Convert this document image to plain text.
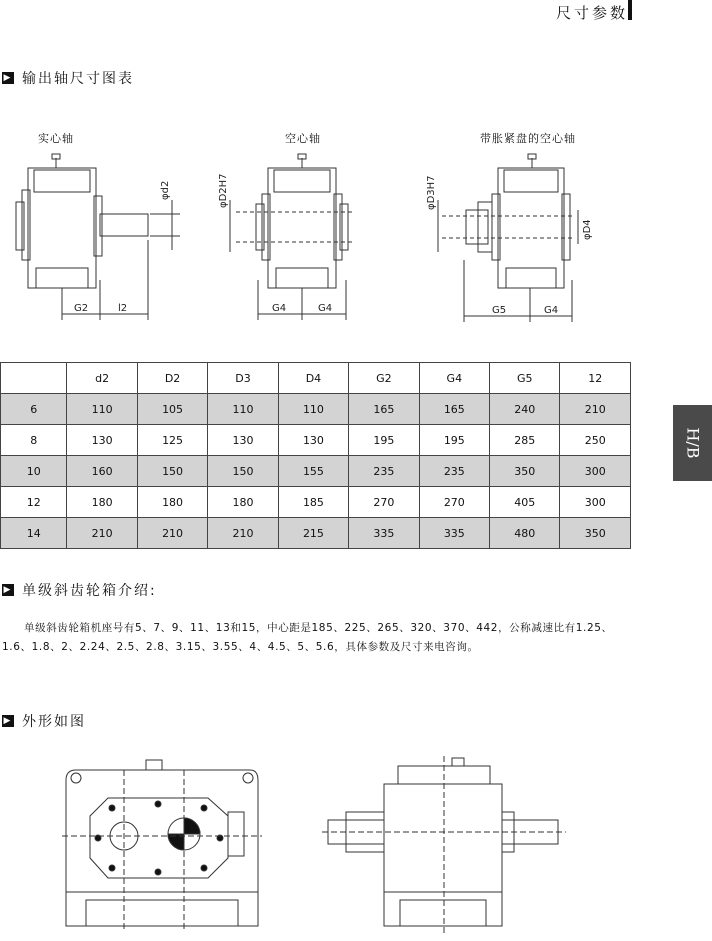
尺寸参数
▶ 输出轴尺寸图表
实心轴	空心轴	带胀紧盘的空心轴
G2	l2
φd2	φD2H7
G4	G4
φD3H7
φD4
G5	G4
	d2	D2	D3	D4	G2	G4	G5	12
6	110	105	110	110	165	165	240	210
8	130	125	130	130	195	195	285	250
10	160	150	150	155	235	235	350	300
12	180	180	180	185	270	270	405	300
14	210	210	210	215	335	335	480	350
H/B
▶ 单级斜齿轮箱介绍:
单级斜齿轮箱机座号有5、7、9、11、13和15，中心距是185、225、265、320、370、442，公称减速比有1.25、1.6、1.8、2、2.24、2.5、2.8、3.15、3.55、4、4.5、5、5.6，具体参数及尺寸来电咨询。
▶ 外形如图
